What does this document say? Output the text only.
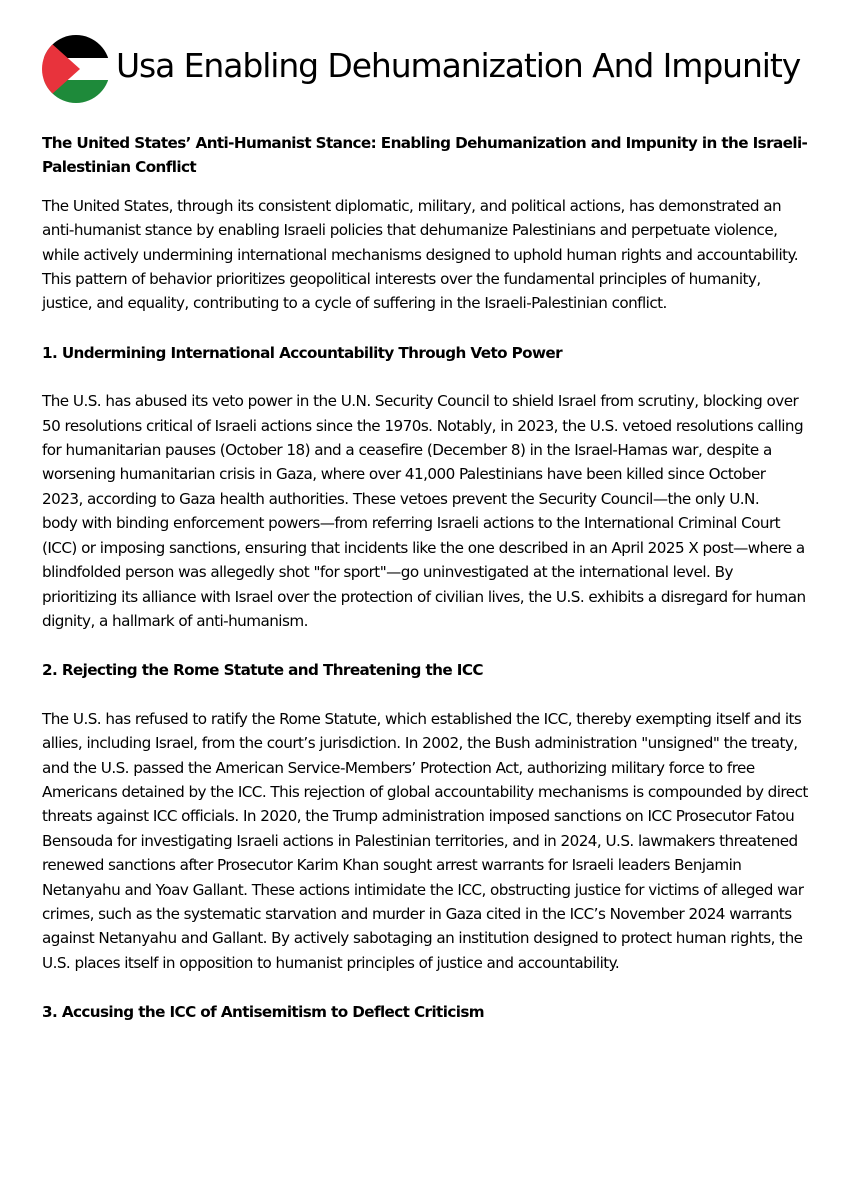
Usa Enabling Dehumanization And Impunity

The United States’ Anti-Humanist Stance: Enabling Dehumanization and Impunity in the Israeli-Palestinian Conflict

The United States, through its consistent diplomatic, military, and political actions, has demonstrated an anti-humanist stance by enabling Israeli policies that dehumanize Palestinians and perpetuate violence, while actively undermining international mechanisms designed to uphold human rights and accountability. This pattern of behavior prioritizes geopolitical interests over the fundamental principles of humanity, justice, and equality, contributing to a cycle of suffering in the Israeli-Palestinian conflict.

1. Undermining International Accountability Through Veto Power

The U.S. has abused its veto power in the U.N. Security Council to shield Israel from scrutiny, blocking over 50 resolutions critical of Israeli actions since the 1970s. Notably, in 2023, the U.S. vetoed resolutions calling for humanitarian pauses (October 18) and a ceasefire (December 8) in the Israel-Hamas war, despite a worsening humanitarian crisis in Gaza, where over 41,000 Palestinians have been killed since October 2023, according to Gaza health authorities. These vetoes prevent the Security Council—the only U.N.

body with binding enforcement powers—from referring Israeli actions to the International Criminal Court (ICC) or imposing sanctions, ensuring that incidents like the one described in an April 2025 X post—where a blindfolded person was allegedly shot "for sport"—go uninvestigated at the international level. By prioritizing its alliance with Israel over the protection of civilian lives, the U.S. exhibits a disregard for human dignity, a hallmark of anti-humanism.

2. Rejecting the Rome Statute and Threatening the ICC

The U.S. has refused to ratify the Rome Statute, which established the ICC, thereby exempting itself and its allies, including Israel, from the court’s jurisdiction. In 2002, the Bush administration "unsigned" the treaty, and the U.S. passed the American Service-Members’ Protection Act, authorizing military force to free Americans detained by the ICC. This rejection of global accountability mechanisms is compounded by direct threats against ICC officials. In 2020, the Trump administration imposed sanctions on ICC Prosecutor Fatou Bensouda for investigating Israeli actions in Palestinian territories, and in 2024, U.S. lawmakers threatened renewed sanctions after Prosecutor Karim Khan sought arrest warrants for Israeli leaders Benjamin Netanyahu and Yoav Gallant. These actions intimidate the ICC, obstructing justice for victims of alleged war crimes, such as the systematic starvation and murder in Gaza cited in the ICC’s November 2024 warrants against Netanyahu and Gallant. By actively sabotaging an institution designed to protect human rights, the U.S. places itself in opposition to humanist principles of justice and accountability.

3. Accusing the ICC of Antisemitism to Deflect Criticism
